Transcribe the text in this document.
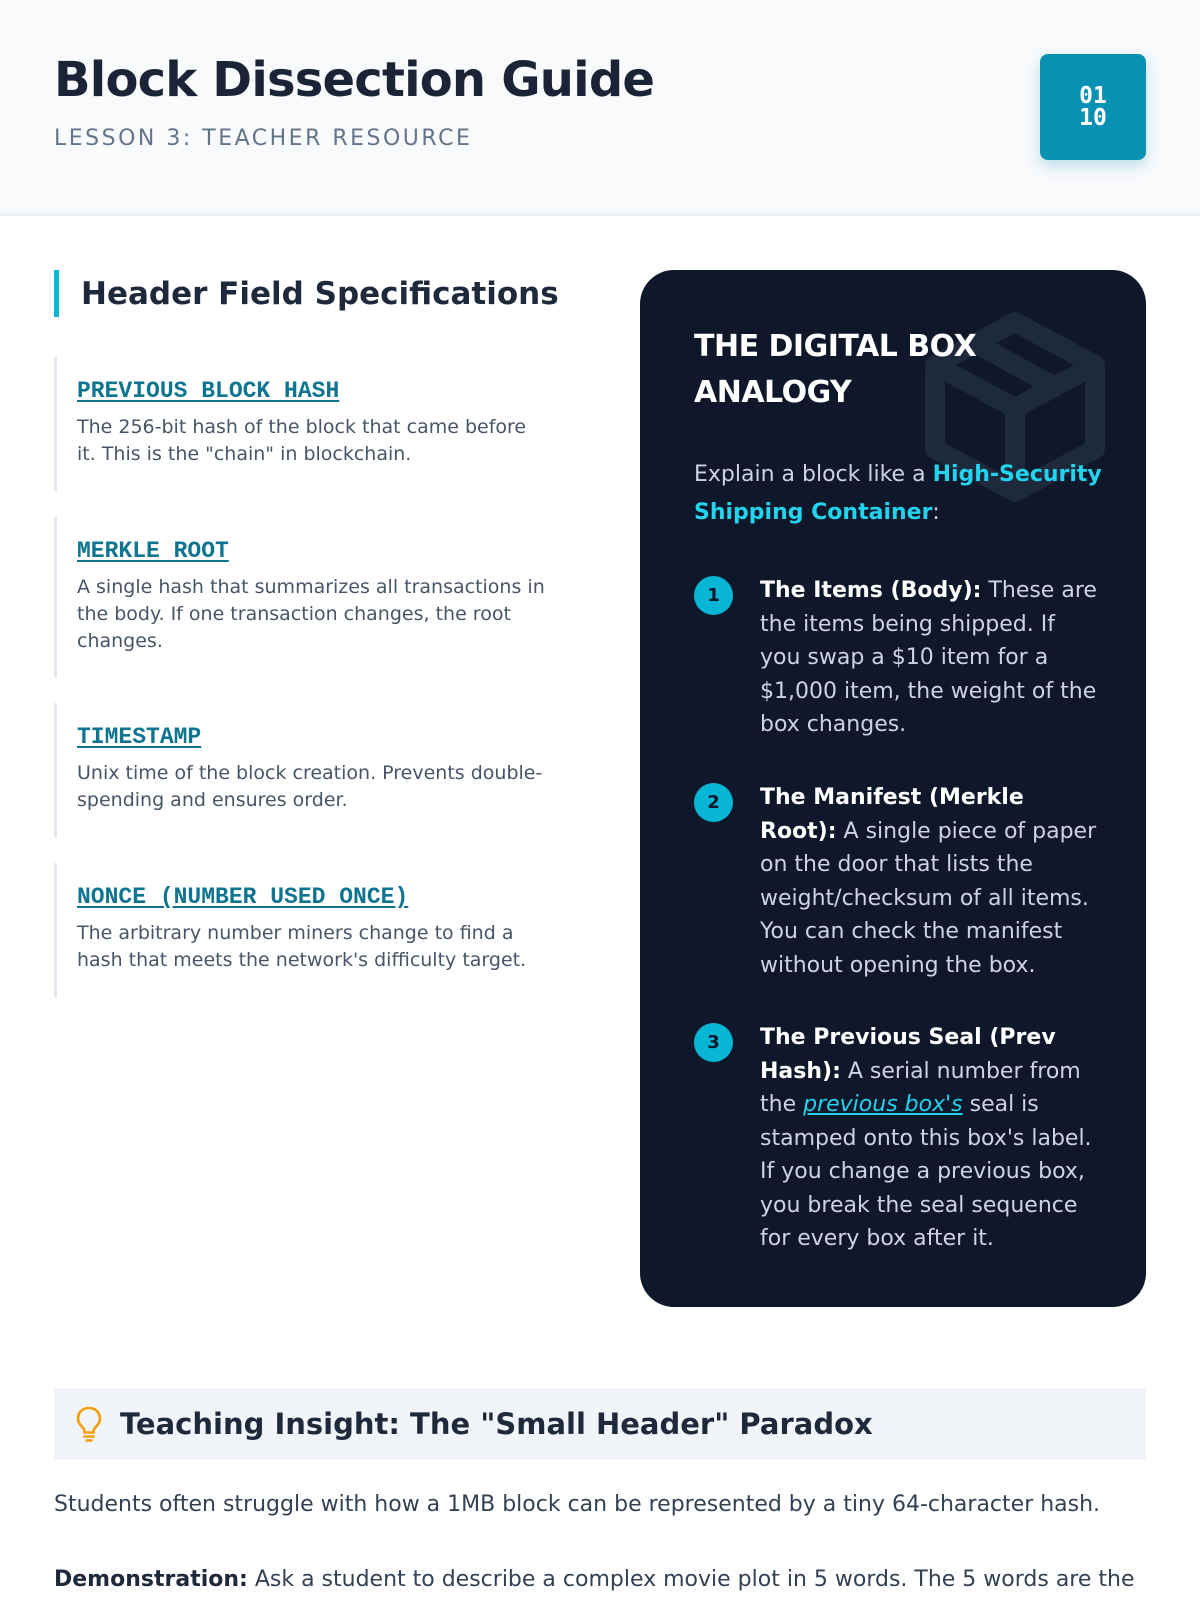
Block Dissection Guide
LESSON 3: TEACHER RESOURCE
01
10
Header Field Specifications
PREVIOUS BLOCK HASH
The 256-bit hash of the block that came before it. This is the "chain" in blockchain.
MERKLE ROOT
A single hash that summarizes all transactions in the body. If one transaction changes, the root changes.
TIMESTAMP
Unix time of the block creation. Prevents double-spending and ensures order.
NONCE (NUMBER USED ONCE)
The arbitrary number miners change to find a hash that meets the network's difficulty target.
THE DIGITAL BOX ANALOGY

Explain a block like a High-Security Shipping Container:

1	The Items (Body): These are the items being shipped. If you swap a $10 item for a $1,000 item, the weight of the box changes.
2	The Manifest (Merkle Root): A single piece of paper on the door that lists the weight/checksum of all items. You can check the manifest without opening the box.
3	The Previous Seal (Prev Hash): A serial number from the previous box's seal is stamped onto this box's label. If you change a previous box, you break the seal sequence for every box after it.
Teaching Insight: The "Small Header" Paradox

Students often struggle with how a 1MB block can be represented by a tiny 64-character hash.

Demonstration: Ask a student to describe a complex movie plot in 5 words. The 5 words are the
